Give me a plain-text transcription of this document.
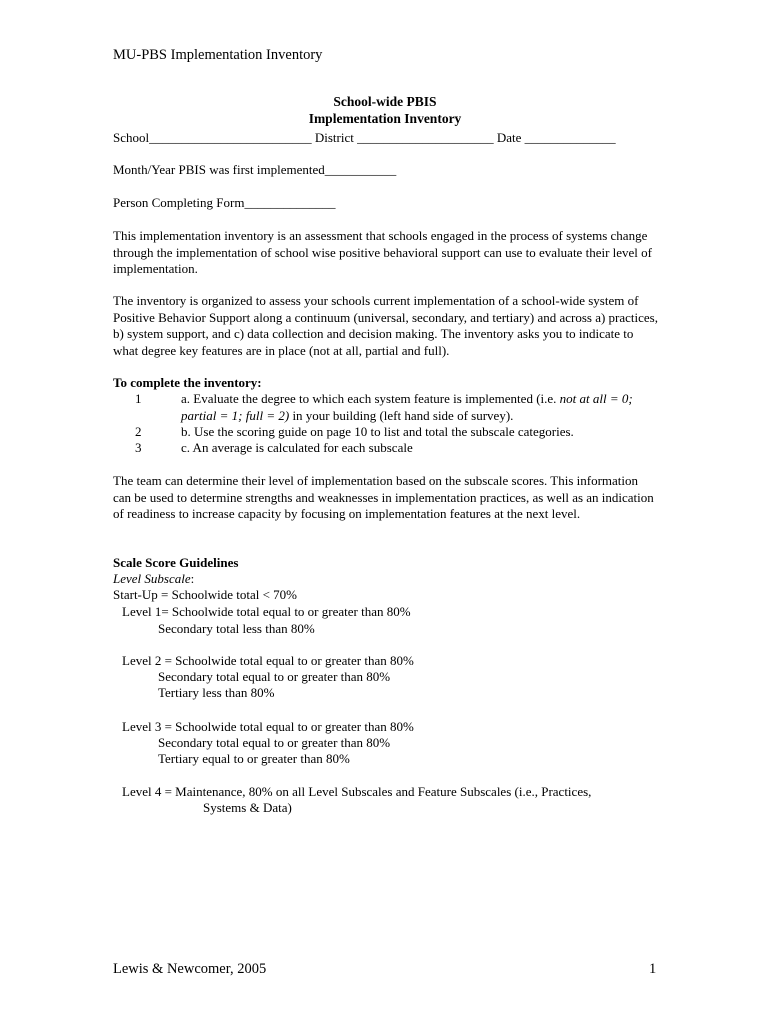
MU-PBS Implementation Inventory
School-wide PBIS
Implementation Inventory
School_________________________ District _____________________ Date ______________
Month/Year PBIS was first implemented___________
Person Completing Form______________
This implementation inventory is an assessment that schools engaged in the process of systems change through the implementation of school wise positive behavioral support can use to evaluate their level of implementation.
The inventory is organized to assess your schools current implementation of a school-wide system of Positive Behavior Support along a continuum (universal, secondary, and tertiary) and across a) practices, b) system support, and c) data collection and decision making. The inventory asks you to indicate to what degree key features are in place (not at all, partial and full).
To complete the inventory:
1	a. Evaluate the degree to which each system feature is implemented (i.e. not at all = 0; partial = 1; full = 2) in your building (left hand side of survey).
2	b. Use the scoring guide on page 10 to list and total the subscale categories.
3	c. An average is calculated for each subscale
The team can determine their level of implementation based on the subscale scores. This information can be used to determine strengths and weaknesses in implementation practices, as well as an indication of readiness to increase capacity by focusing on implementation features at the next level.
Scale Score Guidelines
Level Subscale:
Start-Up = Schoolwide total < 70%
Level 1= Schoolwide total equal to or greater than 80%
Secondary total less than 80%
Level 2 = Schoolwide total equal to or greater than 80%
Secondary total equal to or greater than 80%
Tertiary less than 80%
Level 3 = Schoolwide total equal to or greater than 80%
Secondary total equal to or greater than 80%
Tertiary equal to or greater than 80%
Level 4 = Maintenance, 80% on all Level Subscales and Feature Subscales (i.e., Practices,
Systems & Data)
Lewis & Newcomer, 2005	1
